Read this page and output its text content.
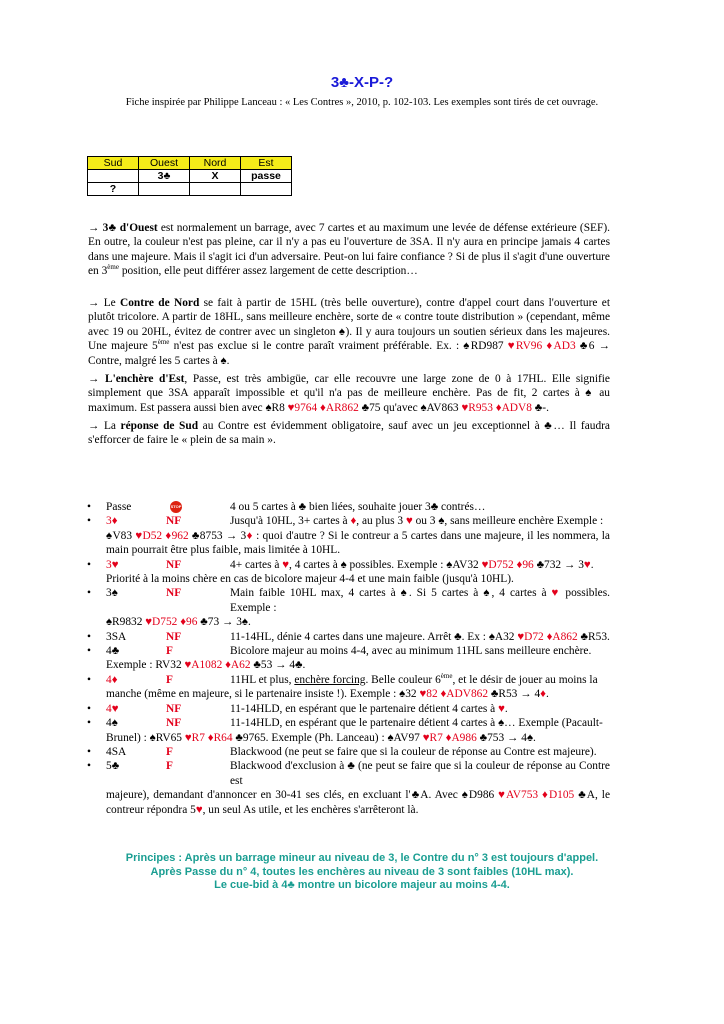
3♣-X-P-?
Fiche inspirée par Philippe Lanceau : « Les Contres », 2010, p. 102-103. Les exemples sont tirés de cet ouvrage.
Sud	Ouest	Nord	Est
	3♣	X	passe
?			
→ 3♣ d'Ouest est normalement un barrage, avec 7 cartes et au maximum une levée de défense extérieure (SEF). En outre, la couleur n'est pas pleine, car il n'y a pas eu l'ouverture de 3SA. Il n'y aura en principe jamais 4 cartes dans une majeure. Mais il s'agit ici d'un adversaire. Peut-on lui faire confiance ? Si de plus il s'agit d'une ouverture en 3ème position, elle peut différer assez largement de cette description…
→ Le Contre de Nord se fait à partir de 15HL (très belle ouverture), contre d'appel court dans l'ouverture et plutôt tricolore. A partir de 18HL, sans meilleure enchère, sorte de « contre toute distribution » (cependant, même avec 19 ou 20HL, évitez de contrer avec un singleton ♠). Il y aura toujours un soutien sérieux dans les majeures. Une majeure 5ème n'est pas exclue si le contre paraît vraiment préférable. Ex. : ♠RD987 ♥RV96 ♦AD3 ♣6 → Contre, malgré les 5 cartes à ♠.
→ L'enchère d'Est, Passe, est très ambigüe, car elle recouvre une large zone de 0 à 17HL. Elle signifie simplement que 3SA apparaît impossible et qu'il n'a pas de meilleure enchère. Pas de fit, 2 cartes à ♠ au maximum. Est passera aussi bien avec ♠R8 ♥9764 ♦AR862 ♣75 qu'avec ♠AV863 ♥R953 ♦ADV8 ♣-.
→ La réponse de Sud au Contre est évidemment obligatoire, sauf avec un jeu exceptionnel à ♣… Il faudra s'efforcer de faire le « plein de sa main ».
•	Passe	STOP	4 ou 5 cartes à ♣ bien liées, souhaite jouer 3♣ contrés…
•	3♦	NF	Jusqu'à 10HL, 3+ cartes à ♦, au plus 3 ♥ ou 3 ♠, sans meilleure enchère Exemple :
♠V83 ♥D52 ♦962 ♣8753 → 3♦ : quoi d'autre ? Si le contreur a 5 cartes dans une majeure, il les nommera, la main pourrait être plus faible, mais limitée à 10HL.
•	3♥	NF	4+ cartes à ♥, 4 cartes à ♠ possibles. Exemple : ♠AV32 ♥D752 ♦96 ♣732 → 3♥.
Priorité à la moins chère en cas de bicolore majeur 4-4 et une main faible (jusqu'à 10HL).
•	3♠	NF	Main faible 10HL max, 4 cartes à ♠. Si 5 cartes à ♠, 4 cartes à ♥ possibles. Exemple :
♠R9832 ♥D752 ♦96 ♣73 → 3♠.
•	3SA	NF	11-14HL, dénie 4 cartes dans une majeure. Arrêt ♣. Ex : ♠A32 ♥D72 ♦A862 ♣R53.
•	4♣	F	Bicolore majeur au moins 4-4, avec au minimum 11HL sans meilleure enchère.
Exemple : RV32 ♥A1082 ♦A62 ♣53 → 4♣.
•	4♦	F	11HL et plus, enchère forcing. Belle couleur 6ème, et le désir de jouer au moins la
manche (même en majeure, si le partenaire insiste !). Exemple : ♠32 ♥82 ♦ADV862 ♣R53 → 4♦.
•	4♥	NF	11-14HLD, en espérant que le partenaire détient 4 cartes à ♥.
•	4♠	NF	11-14HLD, en espérant que le partenaire détient 4 cartes à ♠… Exemple (Pacault-
Brunel) : ♠RV65 ♥R7 ♦R64 ♣9765. Exemple (Ph. Lanceau) : ♠AV97 ♥R7 ♦A986 ♣753 → 4♠.
•	4SA	F	Blackwood (ne peut se faire que si la couleur de réponse au Contre est majeure).
•	5♣	F	Blackwood d'exclusion à ♣ (ne peut se faire que si la couleur de réponse au Contre est
majeure), demandant d'annoncer en 30-41 ses clés, en excluant l'♣A. Avec ♠D986 ♥AV753 ♦D105 ♣A, le contreur répondra 5♥, un seul As utile, et les enchères s'arrêteront là.
Principes : Après un barrage mineur au niveau de 3, le Contre du n° 3 est toujours d'appel.
Après Passe du n° 4, toutes les enchères au niveau de 3 sont faibles (10HL max).
Le cue-bid à 4♣ montre un bicolore majeur au moins 4-4.
